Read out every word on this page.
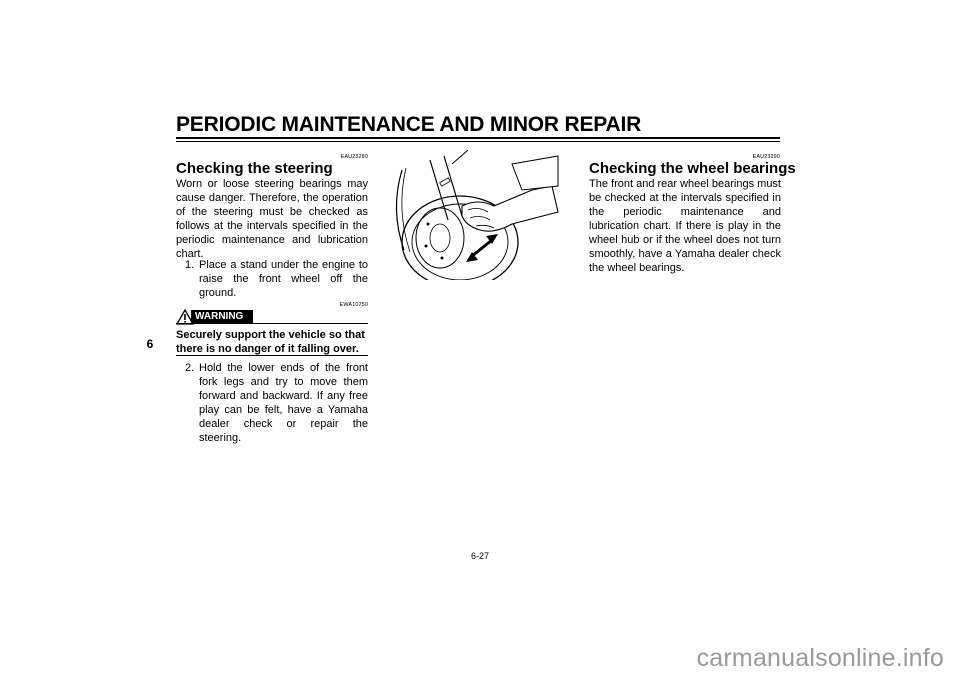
PERIODIC MAINTENANCE AND MINOR REPAIR
6
EAU23280
Checking the steering
Worn or loose steering bearings may cause danger. Therefore, the operation of the steering must be checked as follows at the intervals specified in the periodic maintenance and lubrication chart.
1. Place a stand under the engine to raise the front wheel off the ground.
EWA10750
WARNING
Securely support the vehicle so that there is no danger of it falling over.
2. Hold the lower ends of the front fork legs and try to move them forward and backward. If any free play can be felt, have a Yamaha dealer check or repair the steering.
EAU23290
Checking the wheel bearings
The front and rear wheel bearings must be checked at the intervals specified in the periodic maintenance and lubrication chart. If there is play in the wheel hub or if the wheel does not turn smoothly, have a Yamaha dealer check the wheel bearings.
6-27
carmanualsonline.info
